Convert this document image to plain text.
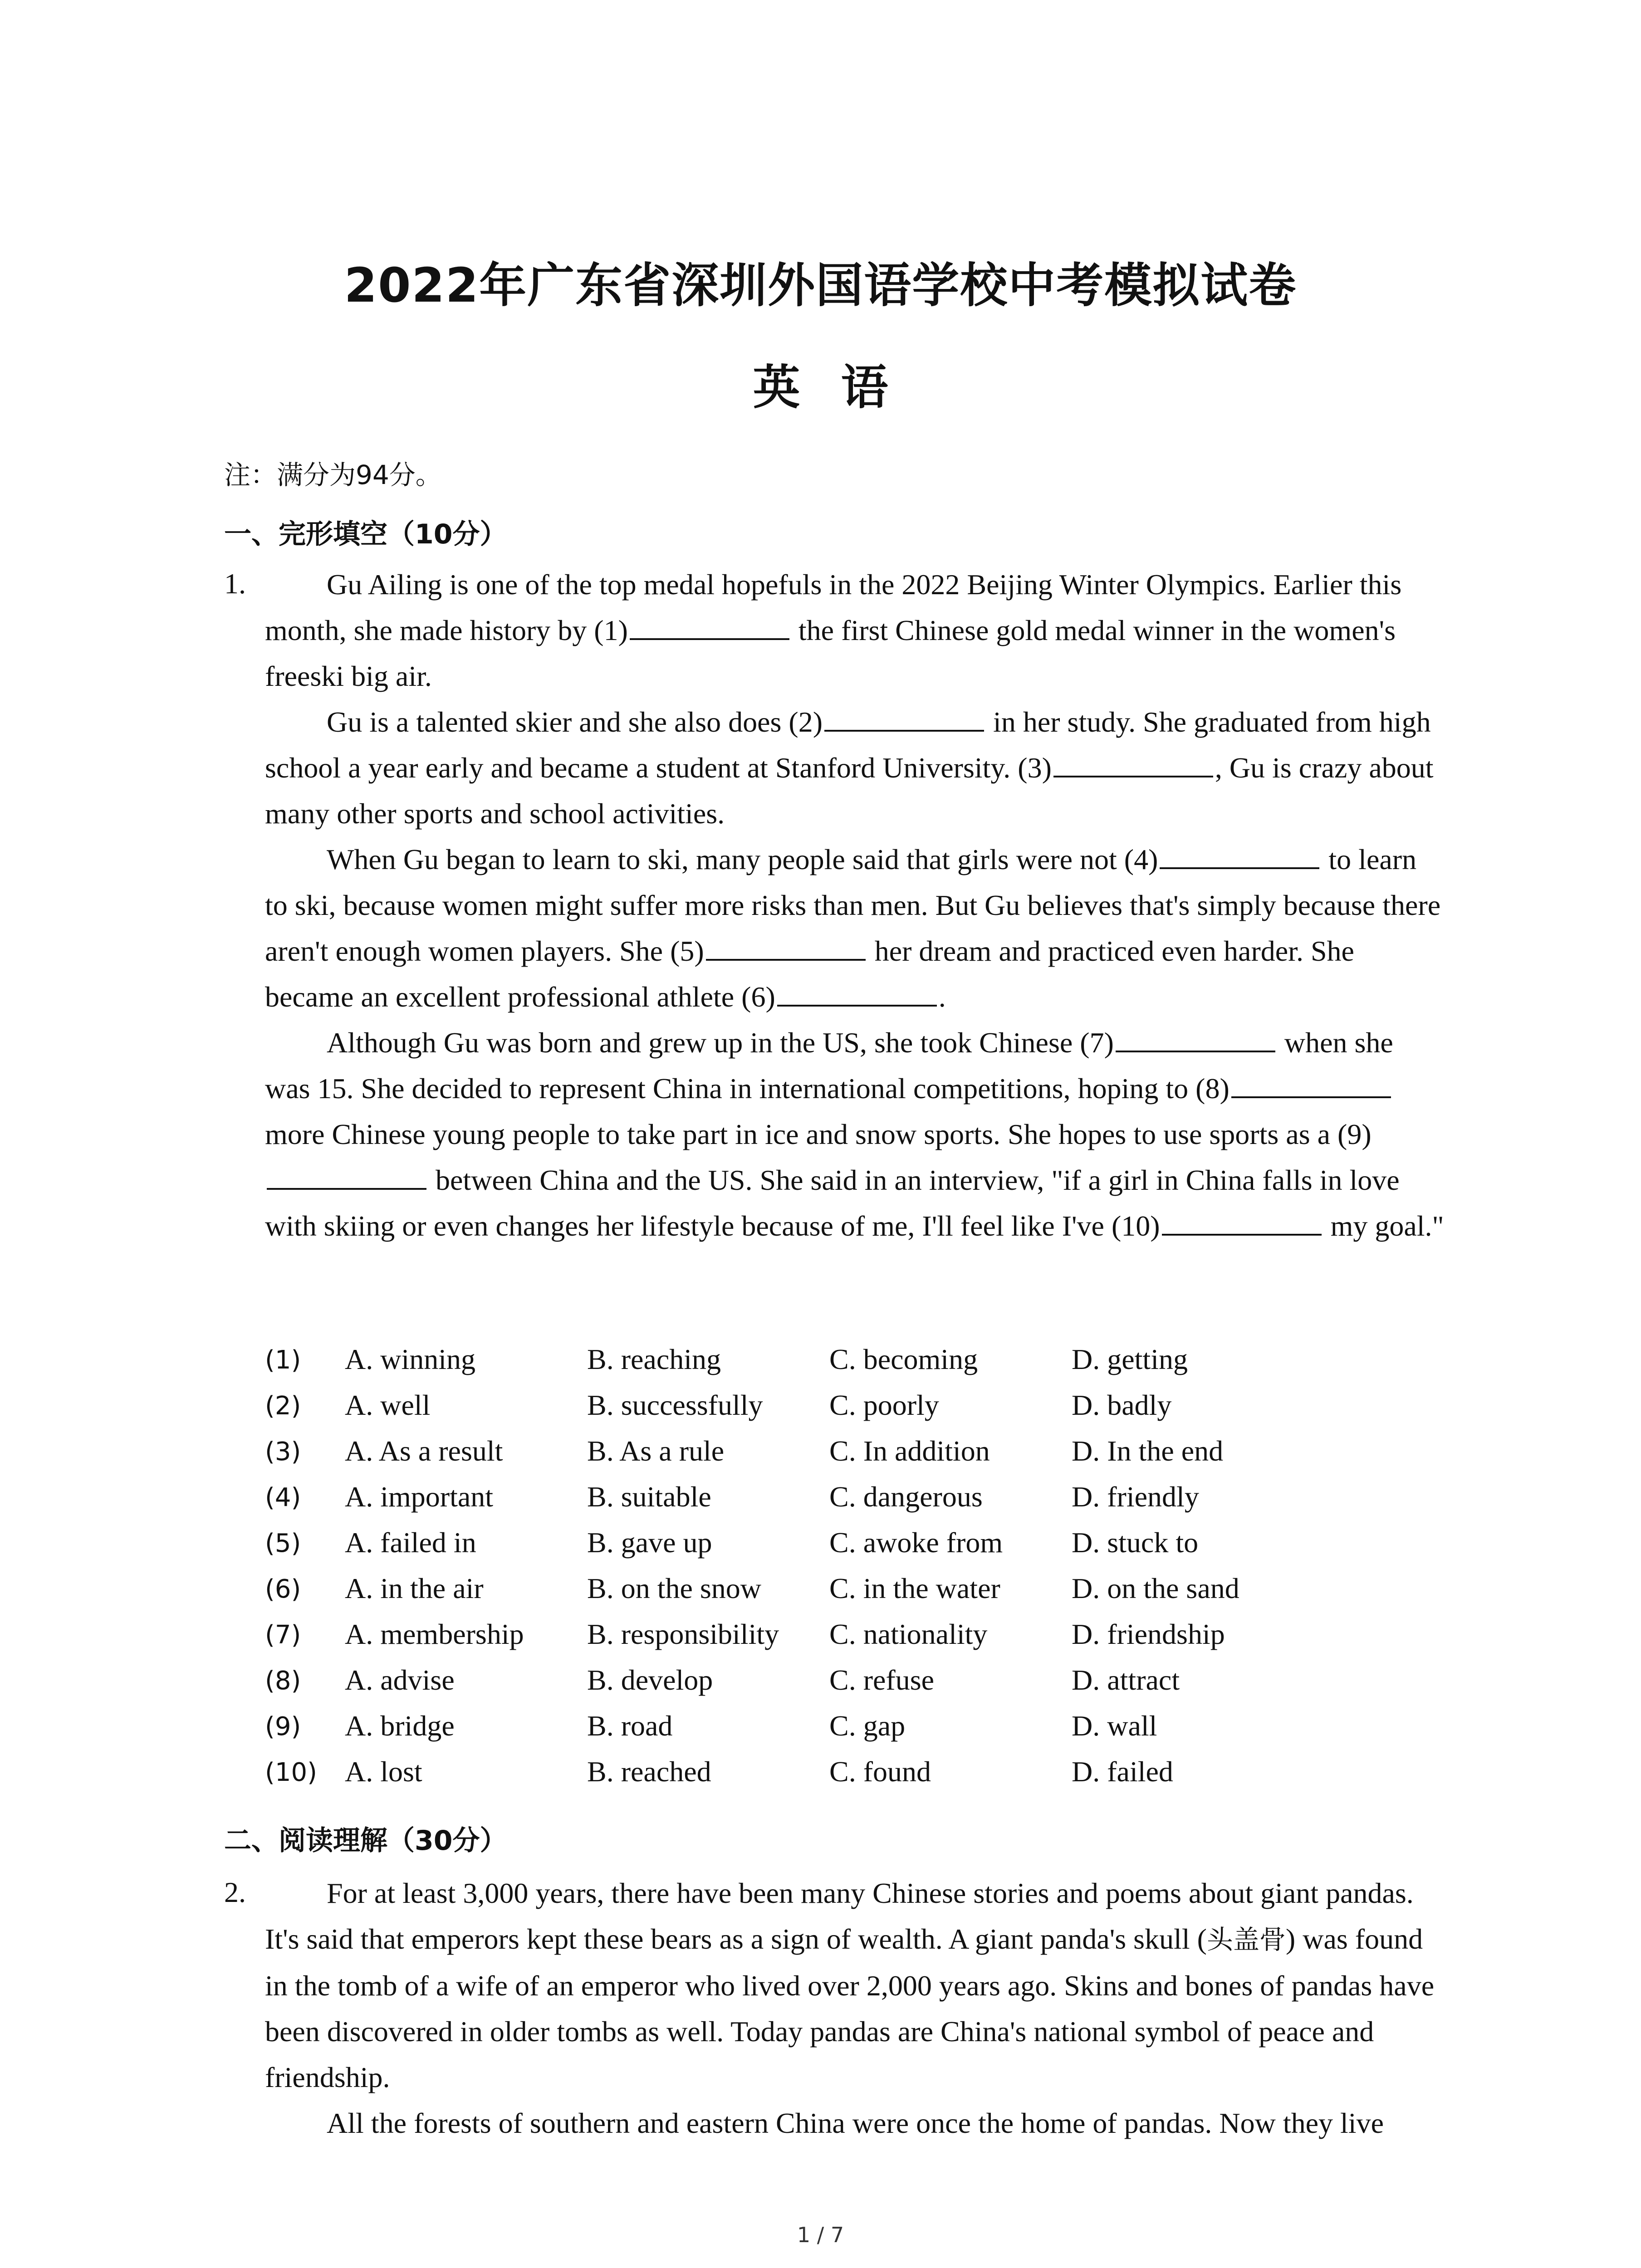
2022年广东省深圳外国语学校中考模拟试卷
英语
注：满分为94分。
一、完形填空（10分）
1.	Gu Ailing is one of the top medal hopefuls in the 2022 Beijing Winter Olympics. Earlier this month, she made history by (1)	the first Chinese gold medal winner in the women's freeski big air.

Gu is a talented skier and she also does (2)	in her study. She graduated from high school a year early and became a student at Stanford University. (3)	, Gu is crazy about many other sports and school activities.

When Gu began to learn to ski, many people said that girls were not (4)	to learn to ski, because women might suffer more risks than men. But Gu believes that's simply because there aren't enough women players. She (5)	her dream and practiced even harder. She became an excellent professional athlete (6)	.

Although Gu was born and grew up in the US, she took Chinese (7)	when she was 15. She decided to represent China in international competitions, hoping to (8) more Chinese young people to take part in ice and snow sports. She hopes to use sports as a (9) between China and the US. She said in an interview, "if a girl in China falls in love with skiing or even changes her lifestyle because of me, I'll feel like I've (10)	my goal."

(1)	A. winning	B. reaching	C. becoming	D. getting
(2)	A. well	B. successfully C. poorly	D. badly
(3)	A. As a result	B. As a rule	C. In addition	D. In the end
(4)	A. important	B. suitable	C. dangerous	D. friendly
(5)	A. failed in	B. gave up	C. awoke from D. stuck to
(6)	A. in the air	B. on the snow C. in the water D. on the sand
(7)	A. membership B. responsibility C. nationality	D. friendship
(8)	A. advise	B. develop	C. refuse	D. attract
(9)	A. bridge	B. road	C. gap	D. wall
(10) A. lost	B. reached	C. found	D. failed
二、阅读理解（30分）
2.	For at least 3,000 years, there have been many Chinese stories and poems about giant pandas. It's said that emperors kept these bears as a sign of wealth. A giant panda's skull (头盖骨) was found in the tomb of a wife of an emperor who lived over 2,000 years ago. Skins and bones of pandas have been discovered in older tombs as well. Today pandas are China's national symbol of peace and friendship.

All the forests of southern and eastern China were once the home of pandas. Now they live

1 / 7
